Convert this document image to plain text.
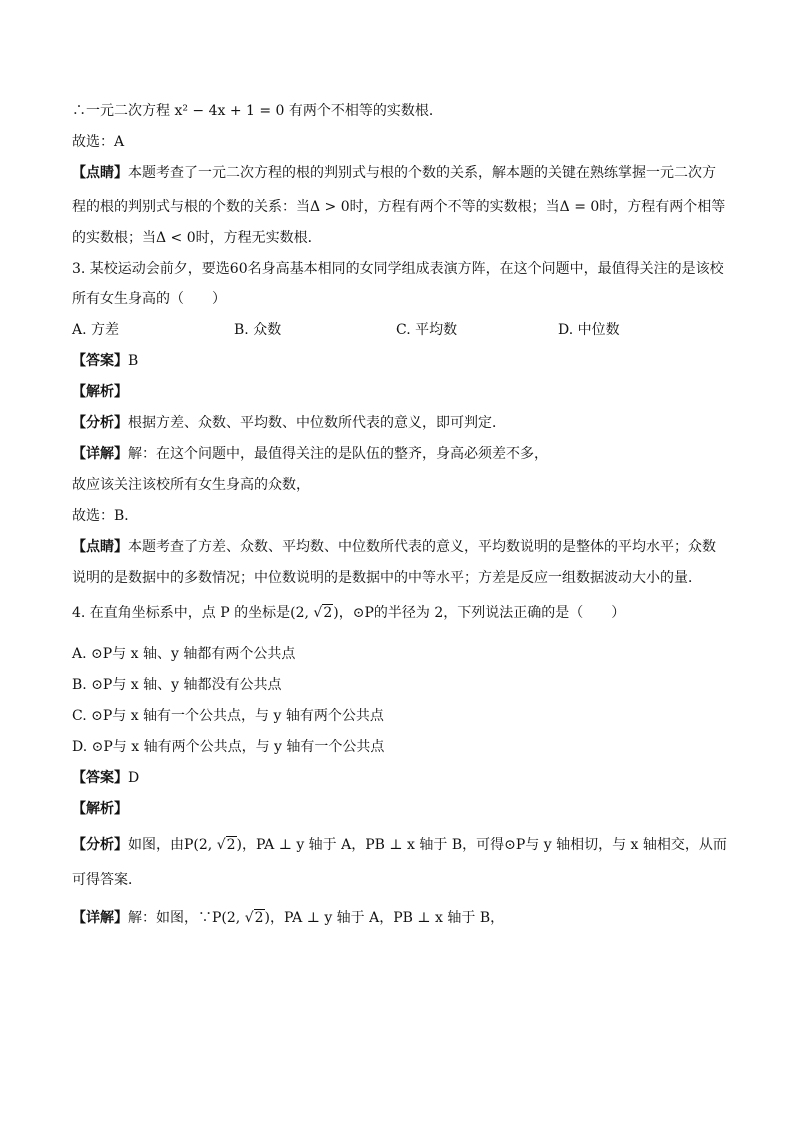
∴一元二次方程 x² − 4x + 1 = 0 有两个不相等的实数根．
故选：A
【点睛】本题考查了一元二次方程的根的判别式与根的个数的关系，解本题的关键在熟练掌握一元二次方
程的根的判别式与根的个数的关系：当Δ > 0时，方程有两个不等的实数根；当Δ = 0时，方程有两个相等
的实数根；当Δ < 0时，方程无实数根．
3. 某校运动会前夕，要选60名身高基本相同的女同学组成表演方阵，在这个问题中，最值得关注的是该校
所有女生身高的（　　）
A. 方差	B. 众数	C. 平均数	D. 中位数
【答案】B
【解析】
【分析】根据方差、众数、平均数、中位数所代表的意义，即可判定．
【详解】解：在这个问题中，最值得关注的是队伍的整齐，身高必须差不多，
故应该关注该校所有女生身高的众数，
故选：B．
【点睛】本题考查了方差、众数、平均数、中位数所代表的意义，平均数说明的是整体的平均水平；众数
说明的是数据中的多数情况；中位数说明的是数据中的中等水平；方差是反应一组数据波动大小的量．
4. 在直角坐标系中，点 P 的坐标是(2, √2)，⊙P的半径为 2，下列说法正确的是（　　）
A. ⊙P与 x 轴、y 轴都有两个公共点
B. ⊙P与 x 轴、y 轴都没有公共点
C. ⊙P与 x 轴有一个公共点，与 y 轴有两个公共点
D. ⊙P与 x 轴有两个公共点，与 y 轴有一个公共点
【答案】D
【解析】
【分析】如图，由P(2, √2)，PA ⊥ y 轴于 A，PB ⊥ x 轴于 B，可得⊙P与 y 轴相切，与 x 轴相交，从而
可得答案．
【详解】解：如图，∵P(2, √2)，PA ⊥ y 轴于 A，PB ⊥ x 轴于 B，
